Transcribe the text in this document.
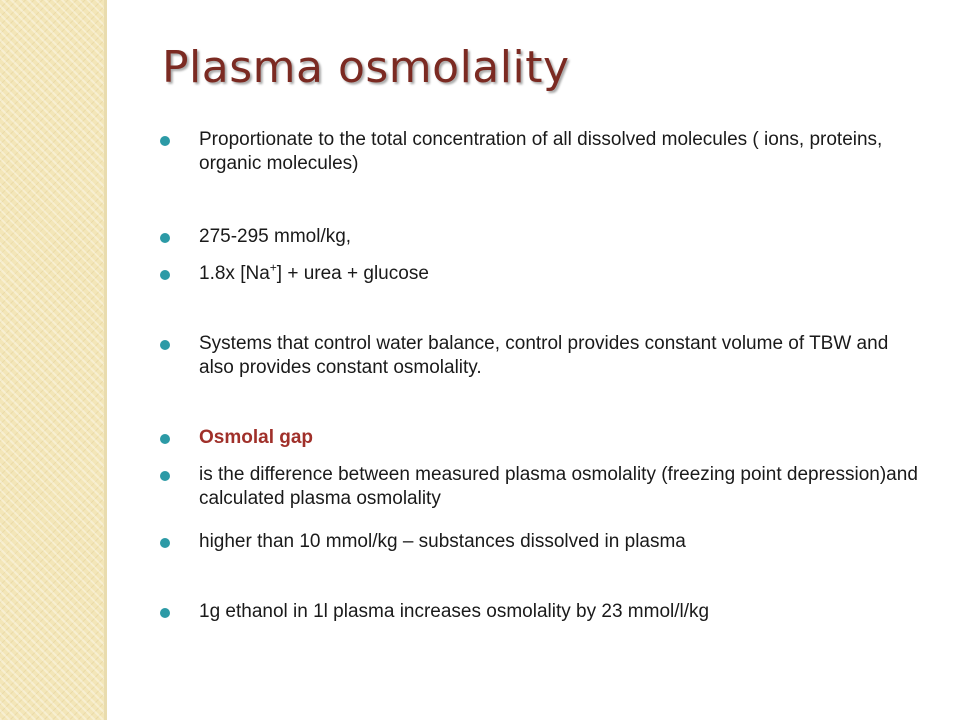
Plasma osmolality
Proportionate to the total concentration of all dissolved molecules ( ions, proteins, organic molecules)
275-295 mmol/kg,
1.8x [Na+] + urea + glucose
Systems that control water balance, control provides constant volume of TBW and also provides constant osmolality.
Osmolal gap
is the difference between measured plasma osmolality (freezing point depression)and calculated plasma osmolality
higher than 10 mmol/kg – substances dissolved in plasma
1g ethanol in 1l plasma increases osmolality by 23 mmol/l/kg
